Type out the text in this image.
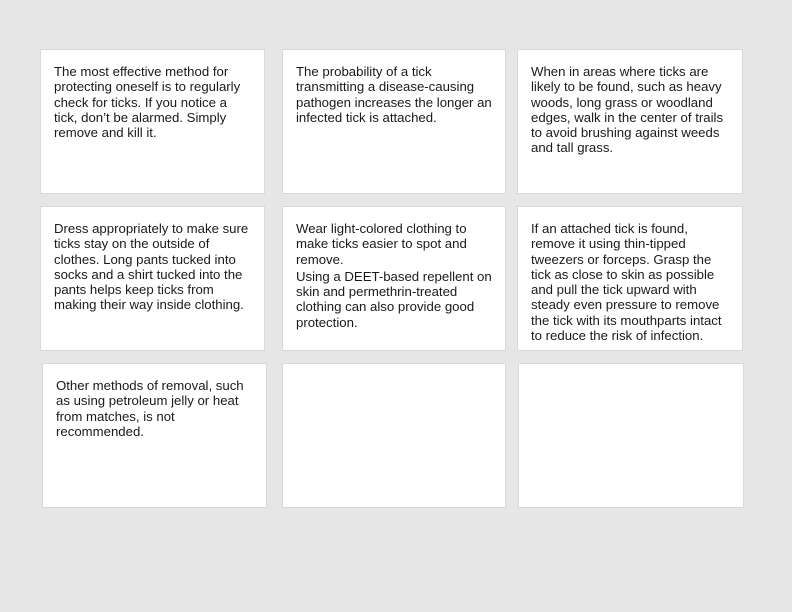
The most effective method for protecting oneself is to regularly check for ticks. If you notice a tick, don’t be alarmed. Simply remove and kill it.

The probability of a tick transmitting a disease-causing pathogen increases the longer an infected tick is attached.

When in areas where ticks are likely to be found, such as heavy woods, long grass or woodland edges, walk in the center of trails to avoid brushing against weeds and tall grass.

Dress appropriately to make sure ticks stay on the outside of clothes. Long pants tucked into socks and a shirt tucked into the pants helps keep ticks from making their way inside clothing.

Wear light-colored clothing to make ticks easier to spot and remove.

Using a DEET-based repellent on skin and permethrin-treated clothing can also provide good protection.

If an attached tick is found, remove it using thin-tipped tweezers or forceps. Grasp the tick as close to skin as possible and pull the tick upward with steady even pressure to remove the tick with its mouthparts intact to reduce the risk of infection.

Other methods of removal, such as using petroleum jelly or heat from matches, is not recommended.
